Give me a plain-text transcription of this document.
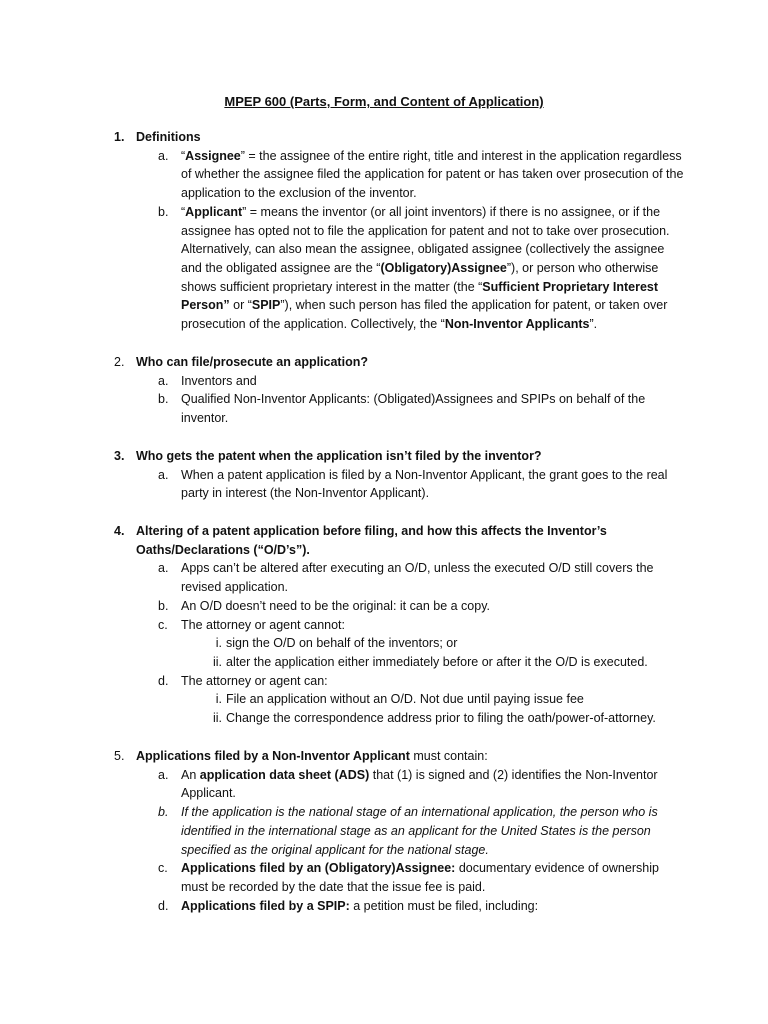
MPEP 600 (Parts, Form, and Content of Application)
1. Definitions
a. “Assignee” = the assignee of the entire right, title and interest in the application regardless of whether the assignee filed the application for patent or has taken over prosecution of the application to the exclusion of the inventor.
b. “Applicant” = means the inventor (or all joint inventors) if there is no assignee, or if the assignee has opted not to file the application for patent and not to take over prosecution. Alternatively, can also mean the assignee, obligated assignee (collectively the assignee and the obligated assignee are the “(Obligatory)Assignee”), or person who otherwise shows sufficient proprietary interest in the matter (the “Sufficient Proprietary Interest Person” or “SPIP”), when such person has filed the application for patent, or taken over prosecution of the application. Collectively, the “Non-Inventor Applicants”.
2. Who can file/prosecute an application?
a. Inventors and
b. Qualified Non-Inventor Applicants: (Obligated)Assignees and SPIPs on behalf of the inventor.
3. Who gets the patent when the application isn’t filed by the inventor?
a. When a patent application is filed by a Non-Inventor Applicant, the grant goes to the real party in interest (the Non-Inventor Applicant).
4. Altering of a patent application before filing, and how this affects the Inventor’s Oaths/Declarations (“O/D’s”).
a. Apps can’t be altered after executing an O/D, unless the executed O/D still covers the revised application.
b. An O/D doesn’t need to be the original: it can be a copy.
c. The attorney or agent cannot:
i. sign the O/D on behalf of the inventors; or
ii. alter the application either immediately before or after it the O/D is executed.
d. The attorney or agent can:
i. File an application without an O/D. Not due until paying issue fee
ii. Change the correspondence address prior to filing the oath/power-of-attorney.
5. Applications filed by a Non-Inventor Applicant must contain:
a. An application data sheet (ADS) that (1) is signed and (2) identifies the Non-Inventor Applicant.
b. If the application is the national stage of an international application, the person who is identified in the international stage as an applicant for the United States is the person specified as the original applicant for the national stage.
c. Applications filed by an (Obligatory)Assignee: documentary evidence of ownership must be recorded by the date that the issue fee is paid.
d. Applications filed by a SPIP: a petition must be filed, including:
